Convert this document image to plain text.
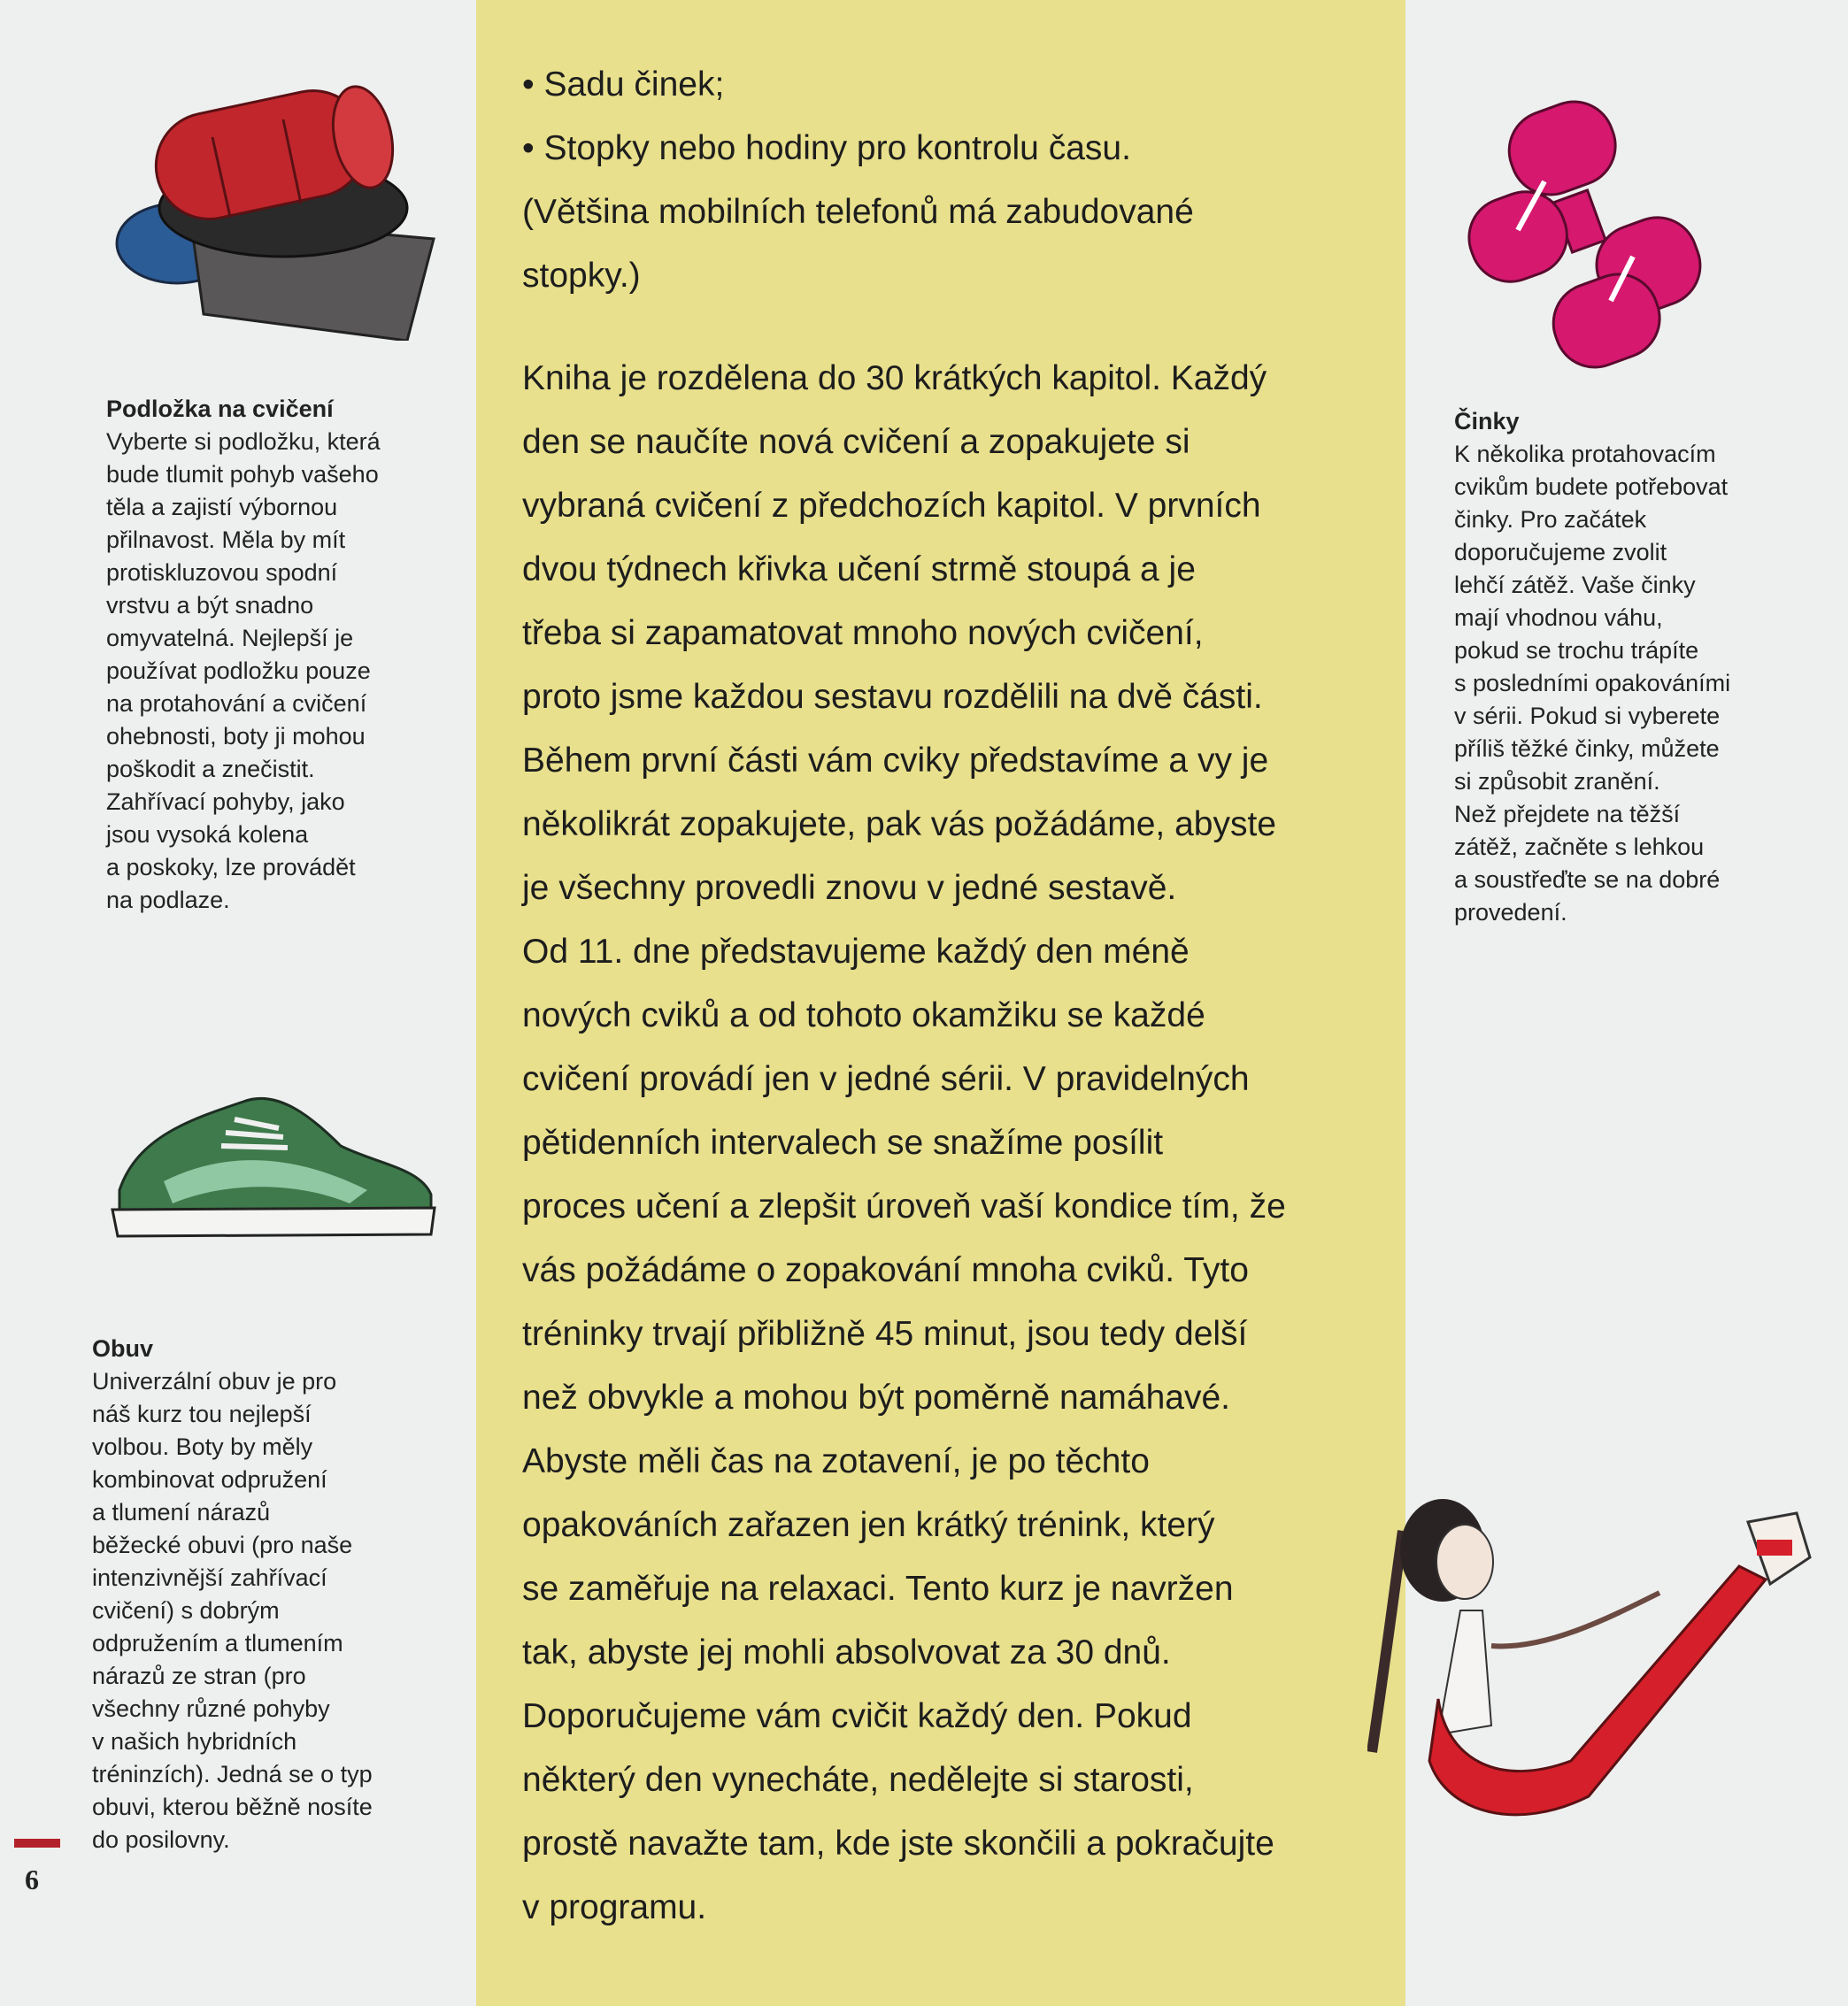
• Sadu činek;

• Stopky nebo hodiny pro kontrolu času.

(Většina mobilních telefonů má zabudované stopky.)

Kniha je rozdělena do 30 krátkých kapitol. Každý

den se naučíte nová cvičení a zopakujete si

vybraná cvičení z předchozích kapitol. V prvních

dvou týdnech křivka učení strmě stoupá a je

třeba si zapamatovat mnoho nových cvičení,

proto jsme každou sestavu rozdělili na dvě části.

Během první části vám cviky představíme a vy je

několikrát zopakujete, pak vás požádáme, abyste

je všechny provedli znovu v jedné sestavě.

Od 11. dne představujeme každý den méně

nových cviků a od tohoto okamžiku se každé

cvičení provádí jen v jedné sérii. V pravidelných

pětidenních intervalech se snažíme posílit

proces učení a zlepšit úroveň vaší kondice tím, že

vás požádáme o zopakování mnoha cviků. Tyto

tréninky trvají přibližně 45 minut, jsou tedy delší

než obvykle a mohou být poměrně namáhavé.

Abyste měli čas na zotavení, je po těchto

opakováních zařazen jen krátký trénink, který

se zaměřuje na relaxaci. Tento kurz je navržen

tak, abyste jej mohli absolvovat za 30 dnů.

Doporučujeme vám cvičit každý den. Pokud

některý den vynecháte, nedělejte si starosti,

prostě navažte tam, kde jste skončili a pokračujte

v programu.

Podložka na cvičení
Vyberte si podložku, která
bude tlumit pohyb vašeho
těla a zajistí výbornou
přilnavost. Měla by mít
protiskluzovou spodní
vrstvu a být snadno
omyvatelná. Nejlepší je
používat podložku pouze
na protahování a cvičení
ohebnosti, boty ji mohou
poškodit a znečistit.
Zahřívací pohyby, jako
jsou vysoká kolena
a poskoky, lze provádět
na podlaze.
Obuv
Univerzální obuv je pro
náš kurz tou nejlepší
volbou. Boty by měly
kombinovat odpružení
a tlumení nárazů
běžecké obuvi (pro naše
intenzivnější zahřívací
cvičení) s dobrým
odpružením a tlumením
nárazů ze stran (pro
všechny různé pohyby
v našich hybridních
tréninzích). Jedná se o typ
obuvi, kterou běžně nosíte
do posilovny.
Činky
K několika protahovacím
cvikům budete potřebovat
činky. Pro začátek
doporučujeme zvolit
lehčí zátěž. Vaše činky
mají vhodnou váhu,
pokud se trochu trápíte
s posledními opakováními
v sérii. Pokud si vyberete
příliš těžké činky, můžete
si způsobit zranění.
Než přejdete na těžší
zátěž, začněte s lehkou
a soustřeďte se na dobré
provedení.
6
